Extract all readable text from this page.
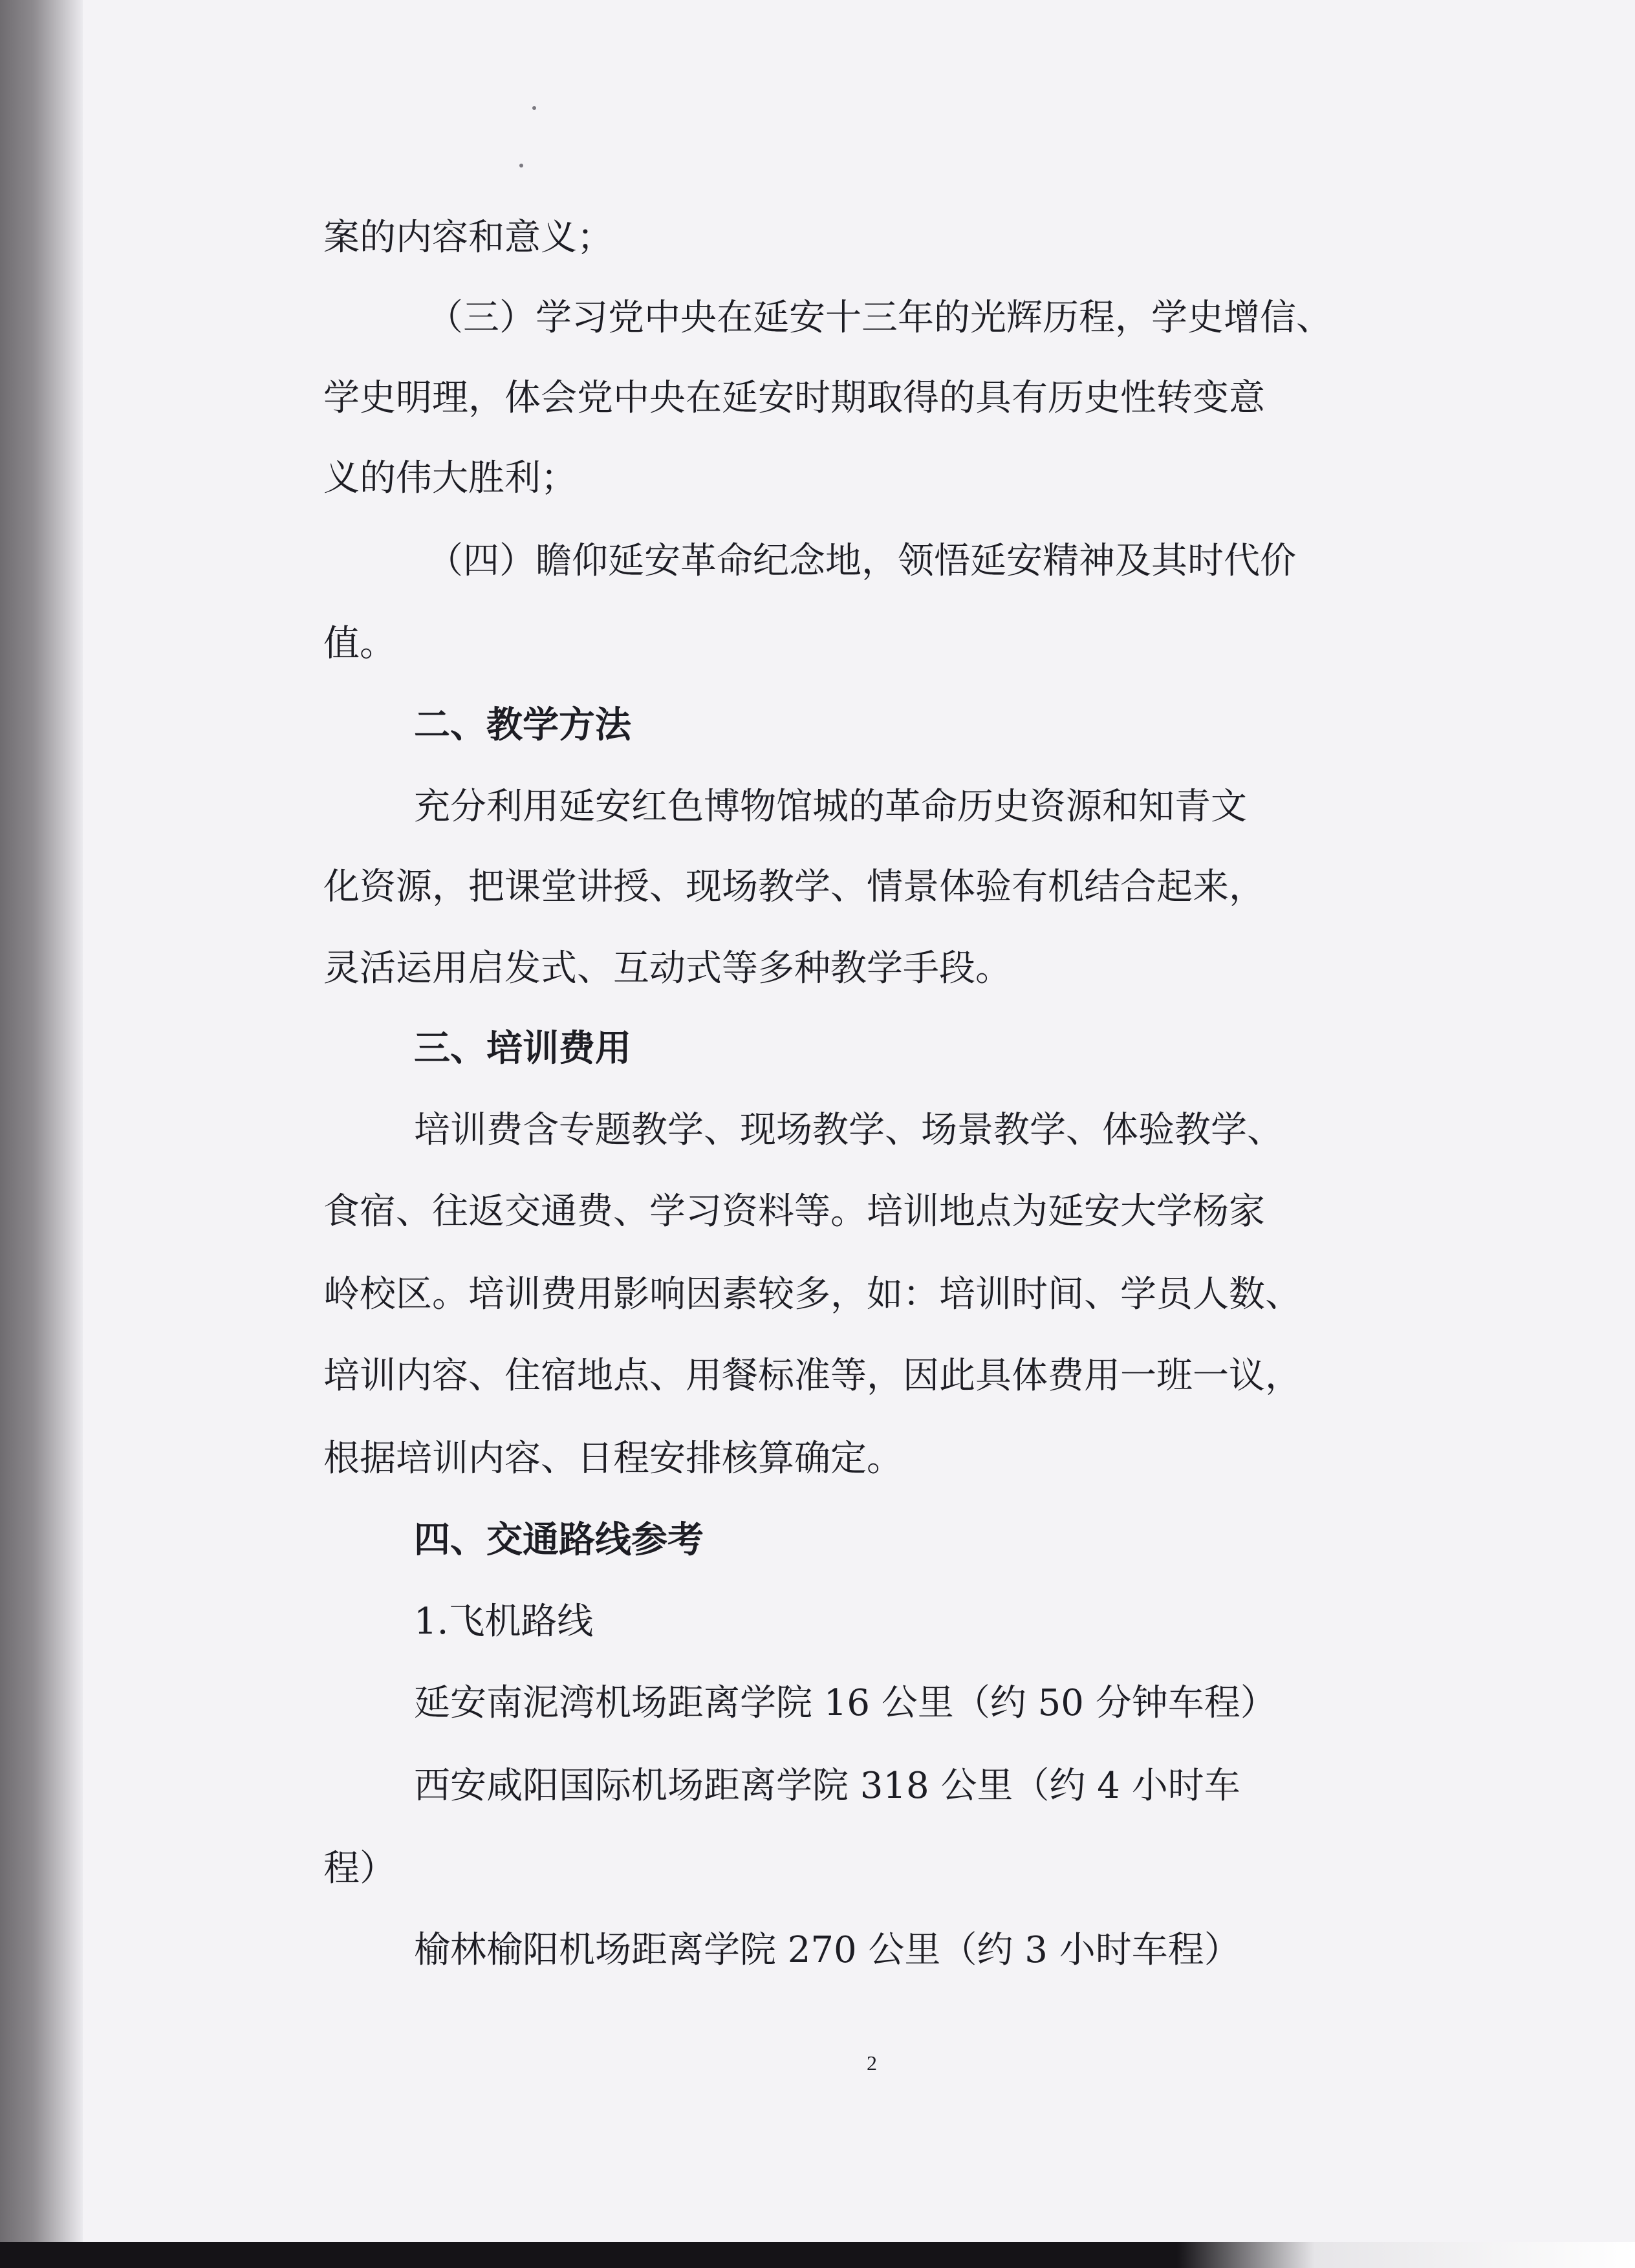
案的内容和意义；
（三）学习党中央在延安十三年的光辉历程，学史增信、
学史明理，体会党中央在延安时期取得的具有历史性转变意
义的伟大胜利；
（四）瞻仰延安革命纪念地，领悟延安精神及其时代价
值。
二、教学方法
充分利用延安红色博物馆城的革命历史资源和知青文
化资源，把课堂讲授、现场教学、情景体验有机结合起来，
灵活运用启发式、互动式等多种教学手段。
三、培训费用
培训费含专题教学、现场教学、场景教学、体验教学、
食宿、往返交通费、学习资料等。培训地点为延安大学杨家
岭校区。培训费用影响因素较多，如：培训时间、学员人数、
培训内容、住宿地点、用餐标准等，因此具体费用一班一议，
根据培训内容、日程安排核算确定。
四、交通路线参考
1.飞机路线
延安南泥湾机场距离学院 16 公里（约 50 分钟车程）
西安咸阳国际机场距离学院 318 公里（约 4 小时车
程）
榆林榆阳机场距离学院 270 公里（约 3 小时车程）
2
